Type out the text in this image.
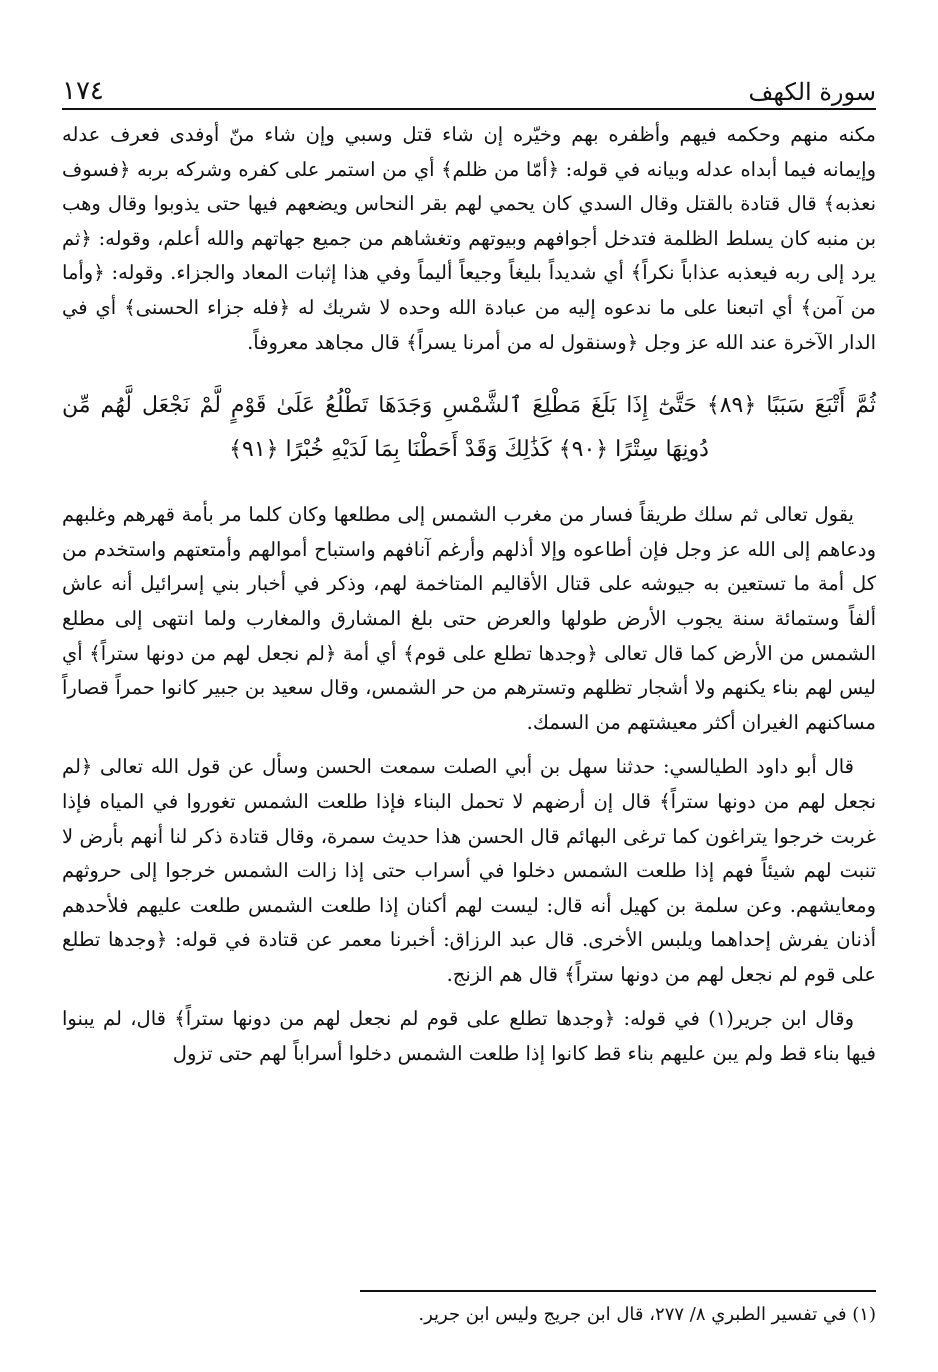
١٧٤	سورة الكهف

مكنه منهم وحكمه فيهم وأظفره بهم وخيّره إن شاء قتل وسبي وإن شاء منّ أوفدى فعرف عدله وإيمانه فيما أبداه عدله وبيانه في قوله: ﴿أمّا من ظلم﴾ أي من استمر على كفره وشركه بربه ﴿فسوف نعذبه﴾ قال قتادة بالقتل وقال السدي كان يحمي لهم بقر النحاس ويضعهم فيها حتى يذوبوا وقال وهب بن منبه كان يسلط الظلمة فتدخل أجوافهم وبيوتهم وتغشاهم من جميع جهاتهم والله أعلم، وقوله: ﴿ثم يرد إلى ربه فيعذبه عذاباً نكراً﴾ أي شديداً بليغاً وجيعاً أليماً وفي هذا إثبات المعاد والجزاء. وقوله: ﴿وأما من آمن﴾ أي اتبعنا على ما ندعوه إليه من عبادة الله وحده لا شريك له ﴿فله جزاء الحسنى﴾ أي في الدار الآخرة عند الله عز وجل ﴿وسنقول له من أمرنا يسراً﴾ قال مجاهد معروفاً.

ثُمَّ أَتْبَعَ سَبَبًا ﴿٨٩﴾ حَتَّىٰٓ إِذَا بَلَغَ مَطْلِعَ ٱلشَّمْسِ وَجَدَهَا تَطْلُعُ عَلَىٰ قَوْمٍ لَّمْ نَجْعَل لَّهُم مِّن دُونِهَا سِتْرًا ﴿٩٠﴾ كَذَٰلِكَ وَقَدْ أَحَطْنَا بِمَا لَدَيْهِ خُبْرًا ﴿٩١﴾

يقول تعالى ثم سلك طريقاً فسار من مغرب الشمس إلى مطلعها وكان كلما مر بأمة قهرهم وغلبهم ودعاهم إلى الله عز وجل فإن أطاعوه وإلا أذلهم وأرغم آنافهم واستباح أموالهم وأمتعتهم واستخدم من كل أمة ما تستعين به جيوشه على قتال الأقاليم المتاخمة لهم، وذكر في أخبار بني إسرائيل أنه عاش ألفاً وستمائة سنة يجوب الأرض طولها والعرض حتى بلغ المشارق والمغارب ولما انتهى إلى مطلع الشمس من الأرض كما قال تعالى ﴿وجدها تطلع على قوم﴾ أي أمة ﴿لم نجعل لهم من دونها ستراً﴾ أي ليس لهم بناء يكنهم ولا أشجار تظلهم وتسترهم من حر الشمس، وقال سعيد بن جبير كانوا حمراً قصاراً مساكنهم الغيران أكثر معيشتهم من السمك.

قال أبو داود الطيالسي: حدثنا سهل بن أبي الصلت سمعت الحسن وسأل عن قول الله تعالى ﴿لم نجعل لهم من دونها ستراً﴾ قال إن أرضهم لا تحمل البناء فإذا طلعت الشمس تغوروا في المياه فإذا غربت خرجوا يتراغون كما ترغى البهائم قال الحسن هذا حديث سمرة، وقال قتادة ذكر لنا أنهم بأرض لا تنبت لهم شيئاً فهم إذا طلعت الشمس دخلوا في أسراب حتى إذا زالت الشمس خرجوا إلى حروثهم ومعايشهم. وعن سلمة بن كهيل أنه قال: ليست لهم أكنان إذا طلعت الشمس طلعت عليهم فلأحدهم أذنان يفرش إحداهما ويلبس الأخرى. قال عبد الرزاق: أخبرنا معمر عن قتادة في قوله: ﴿وجدها تطلع على قوم لم نجعل لهم من دونها ستراً﴾ قال هم الزنج.

وقال ابن جرير(١) في قوله: ﴿وجدها تطلع على قوم لم نجعل لهم من دونها ستراً﴾ قال، لم يبنوا فيها بناء قط ولم يبن عليهم بناء قط كانوا إذا طلعت الشمس دخلوا أسراباً لهم حتى تزول

(١) في تفسير الطبري ٨/ ٢٧٧، قال ابن جريج وليس ابن جرير.
